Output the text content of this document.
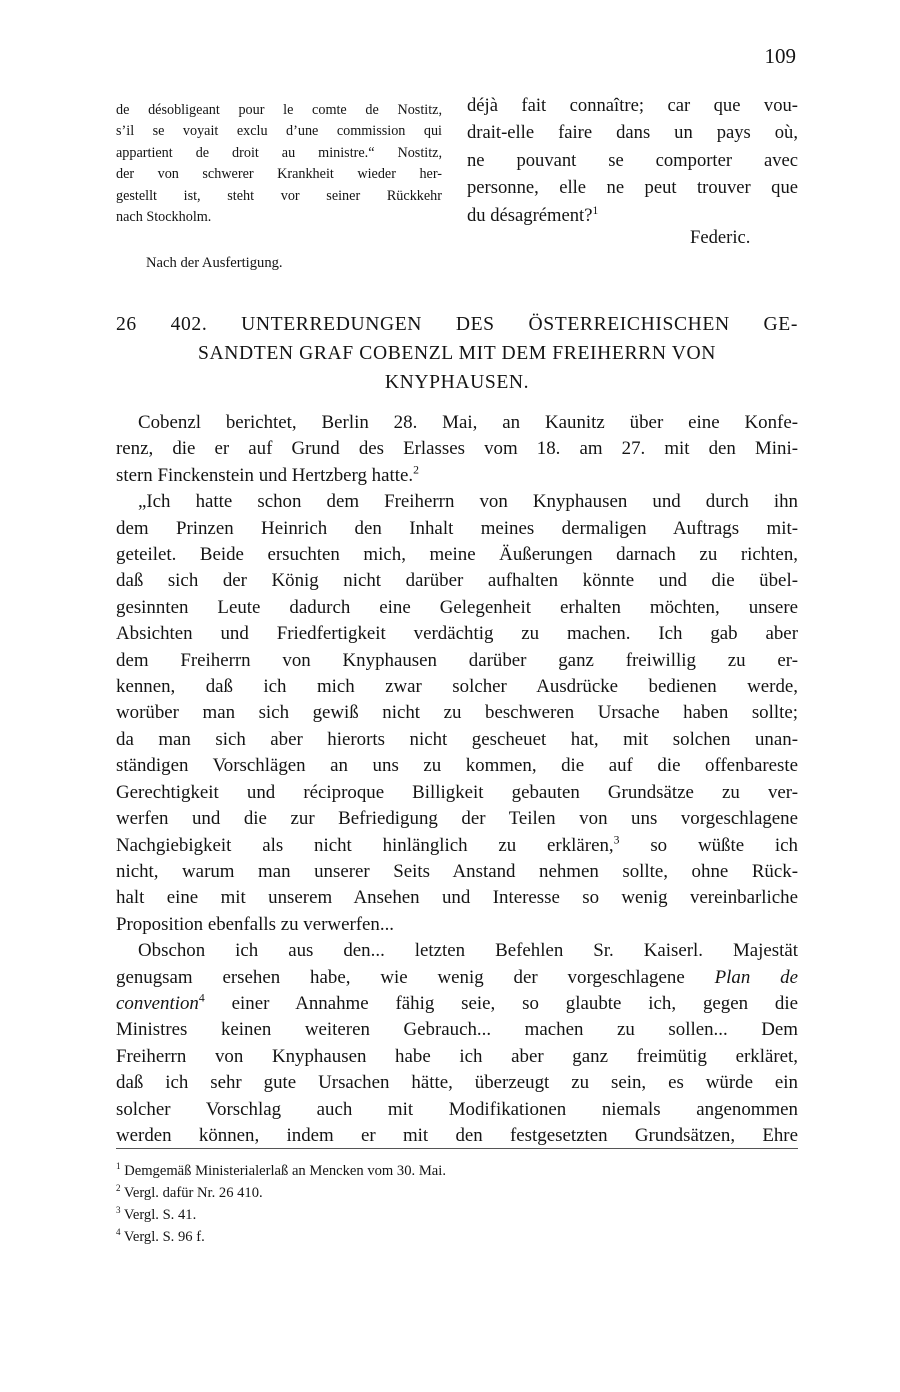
109
de désobligeant pour le comte de Nostitz,
s’il se voyait exclu d’une commission qui
appartient de droit au ministre.“ Nostitz,
der von schwerer Krankheit wieder her-
gestellt ist, steht vor seiner Rückkehr
nach Stockholm.
déjà fait connaître; car que vou-
drait-elle faire dans un pays où,
ne pouvant se comporter avec
personne, elle ne peut trouver que
du désagrément?$^1$
Federic.
Nach der Ausfertigung.
26 402. UNTERREDUNGEN DES ÖSTERREICHISCHEN GE-
SANDTEN GRAF COBENZL MIT DEM FREIHERRN VON
KNYPHAUSEN.
Cobenzl berichtet, Berlin 28. Mai, an Kaunitz über eine Konfe-
renz, die er auf Grund des Erlasses vom 18. am 27. mit den Mini-
stern Finckenstein und Hertzberg hatte.$^2$
„Ich hatte schon dem Freiherrn von Knyphausen und durch ihn
dem Prinzen Heinrich den Inhalt meines dermaligen Auftrags mit-
geteilet. Beide ersuchten mich, meine Äußerungen darnach zu richten,
daß sich der König nicht darüber aufhalten könnte und die übel-
gesinnten Leute dadurch eine Gelegenheit erhalten möchten, unsere
Absichten und Friedfertigkeit verdächtig zu machen. Ich gab aber
dem Freiherrn von Knyphausen darüber ganz freiwillig zu er-
kennen, daß ich mich zwar solcher Ausdrücke bedienen werde,
worüber man sich gewiß nicht zu beschweren Ursache haben sollte;
da man sich aber hierorts nicht gescheuet hat, mit solchen unan-
ständigen Vorschlägen an uns zu kommen, die auf die offenbareste
Gerechtigkeit und réciproque Billigkeit gebauten Grundsätze zu ver-
werfen und die zur Befriedigung der Teilen von uns vorgeschlagene
Nachgiebigkeit als nicht hinlänglich zu erklären,$^3$ so wüßte ich
nicht, warum man unserer Seits Anstand nehmen sollte, ohne Rück-
halt eine mit unserem Ansehen und Interesse so wenig vereinbarliche
Proposition ebenfalls zu verwerfen...
Obschon ich aus den... letzten Befehlen Sr. Kaiserl. Majestät
genugsam ersehen habe, wie wenig der vorgeschlagene Plan de
convention$^4$ einer Annahme fähig seie, so glaubte ich, gegen die
Ministres keinen weiteren Gebrauch... machen zu sollen... Dem
Freiherrn von Knyphausen habe ich aber ganz freimütig erkläret,
daß ich sehr gute Ursachen hätte, überzeugt zu sein, es würde ein
solcher Vorschlag auch mit Modifikationen niemals angenommen
werden können, indem er mit den festgesetzten Grundsätzen, Ehre
$^1$ Demgemäß Ministerialerlaß an Mencken vom 30. Mai.
$^2$ Vergl. dafür Nr. 26 410.
$^3$ Vergl. S. 41.
$^4$ Vergl. S. 96 f.
